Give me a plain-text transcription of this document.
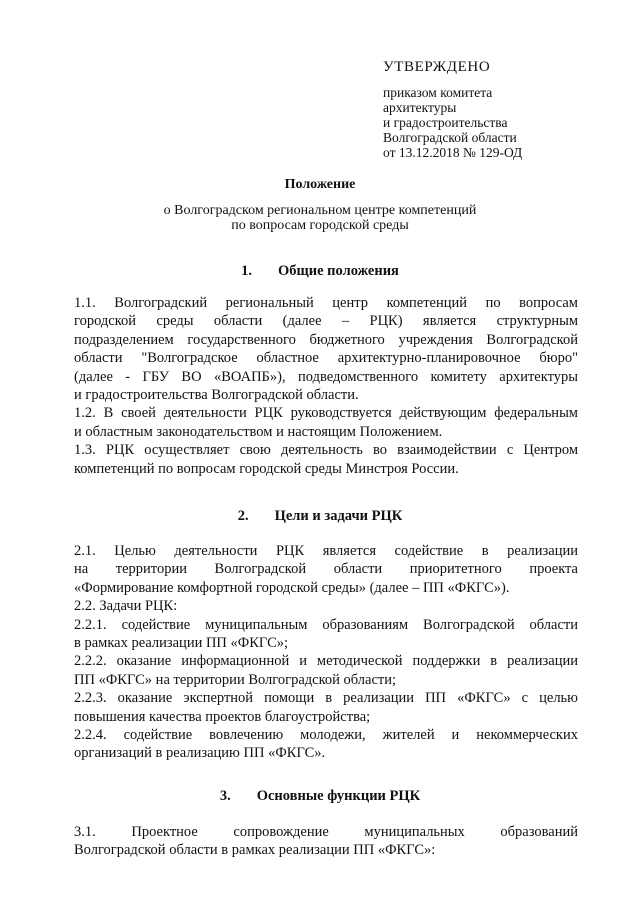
УТВЕРЖДЕНО
приказом комитета
архитектуры
и градостроительства
Волгоградской области
от 13.12.2018 № 129-ОД
Положение
о Волгоградском региональном центре компетенций
по вопросам городской среды
1. Общие положения
1.1. Волгоградский региональный центр компетенций по вопросам
городской среды области (далее – РЦК) является структурным
подразделением государственного бюджетного учреждения Волгоградской
области "Волгоградское областное архитектурно-планировочное бюро"
(далее - ГБУ ВО «ВОАПБ»), подведомственного комитету архитектуры
и градостроительства Волгоградской области.
1.2. В своей деятельности РЦК руководствуется действующим федеральным
и областным законодательством и настоящим Положением.
1.3. РЦК осуществляет свою деятельность во взаимодействии с Центром
компетенций по вопросам городской среды Минстроя России.
2. Цели и задачи РЦК
2.1. Целью деятельности РЦК является содействие в реализации
на территории Волгоградской области приоритетного проекта
«Формирование комфортной городской среды» (далее – ПП «ФКГС»).
2.2. Задачи РЦК:
2.2.1. содействие муниципальным образованиям Волгоградской области
в рамках реализации ПП «ФКГС»;
2.2.2. оказание информационной и методической поддержки в реализации
ПП «ФКГС» на территории Волгоградской области;
2.2.3. оказание экспертной помощи в реализации ПП «ФКГС» с целью
повышения качества проектов благоустройства;
2.2.4. содействие вовлечению молодежи, жителей и некоммерческих
организаций в реализацию ПП «ФКГС».
3. Основные функции РЦК
3.1. Проектное сопровождение муниципальных образований
Волгоградской области в рамках реализации ПП «ФКГС»:
